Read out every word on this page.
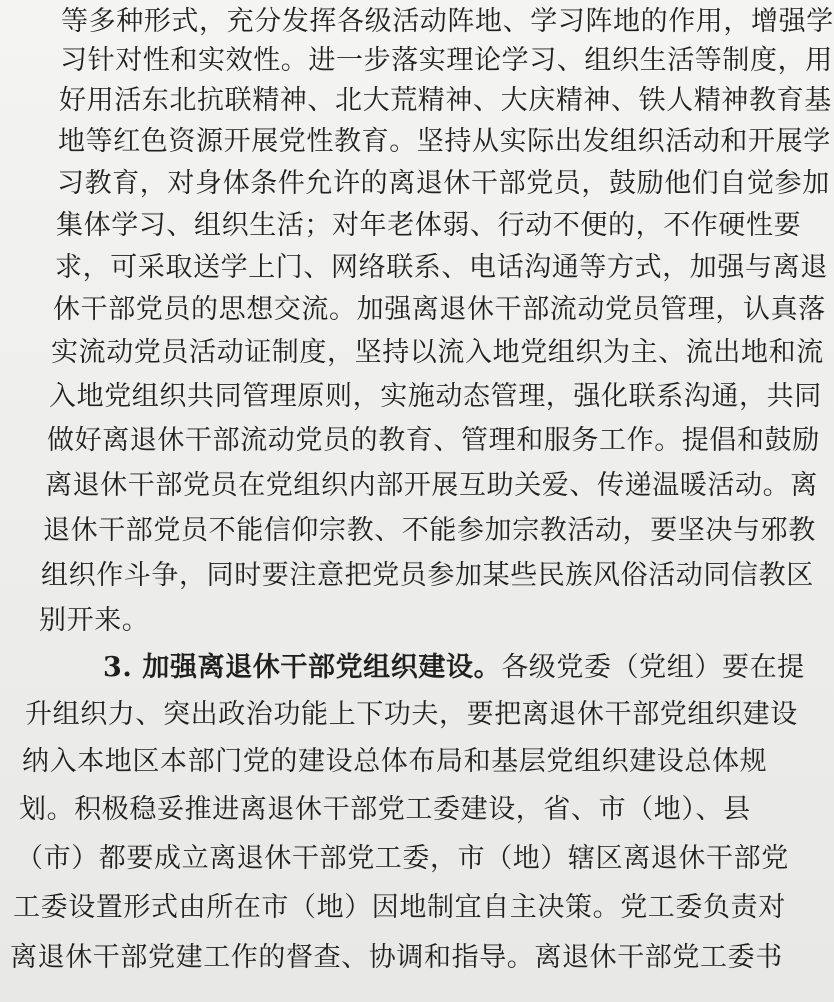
等多种形式，充分发挥各级活动阵地、学习阵地的作用，增强学
习针对性和实效性。进一步落实理论学习、组织生活等制度，用
好用活东北抗联精神、北大荒精神、大庆精神、铁人精神教育基
地等红色资源开展党性教育。坚持从实际出发组织活动和开展学
习教育，对身体条件允许的离退休干部党员，鼓励他们自觉参加
集体学习、组织生活；对年老体弱、行动不便的，不作硬性要
求，可采取送学上门、网络联系、电话沟通等方式，加强与离退
休干部党员的思想交流。加强离退休干部流动党员管理，认真落
实流动党员活动证制度，坚持以流入地党组织为主、流出地和流
入地党组织共同管理原则，实施动态管理，强化联系沟通，共同
做好离退休干部流动党员的教育、管理和服务工作。提倡和鼓励
离退休干部党员在党组织内部开展互助关爱、传递温暖活动。离
退休干部党员不能信仰宗教、不能参加宗教活动，要坚决与邪教
组织作斗争，同时要注意把党员参加某些民族风俗活动同信教区
别开来。
3. 加强离退休干部党组织建设。各级党委（党组）要在提
升组织力、突出政治功能上下功夫，要把离退休干部党组织建设
纳入本地区本部门党的建设总体布局和基层党组织建设总体规
划。积极稳妥推进离退休干部党工委建设，省、市（地）、县
（市）都要成立离退休干部党工委，市（地）辖区离退休干部党
工委设置形式由所在市（地）因地制宜自主决策。党工委负责对
离退休干部党建工作的督查、协调和指导。离退休干部党工委书
